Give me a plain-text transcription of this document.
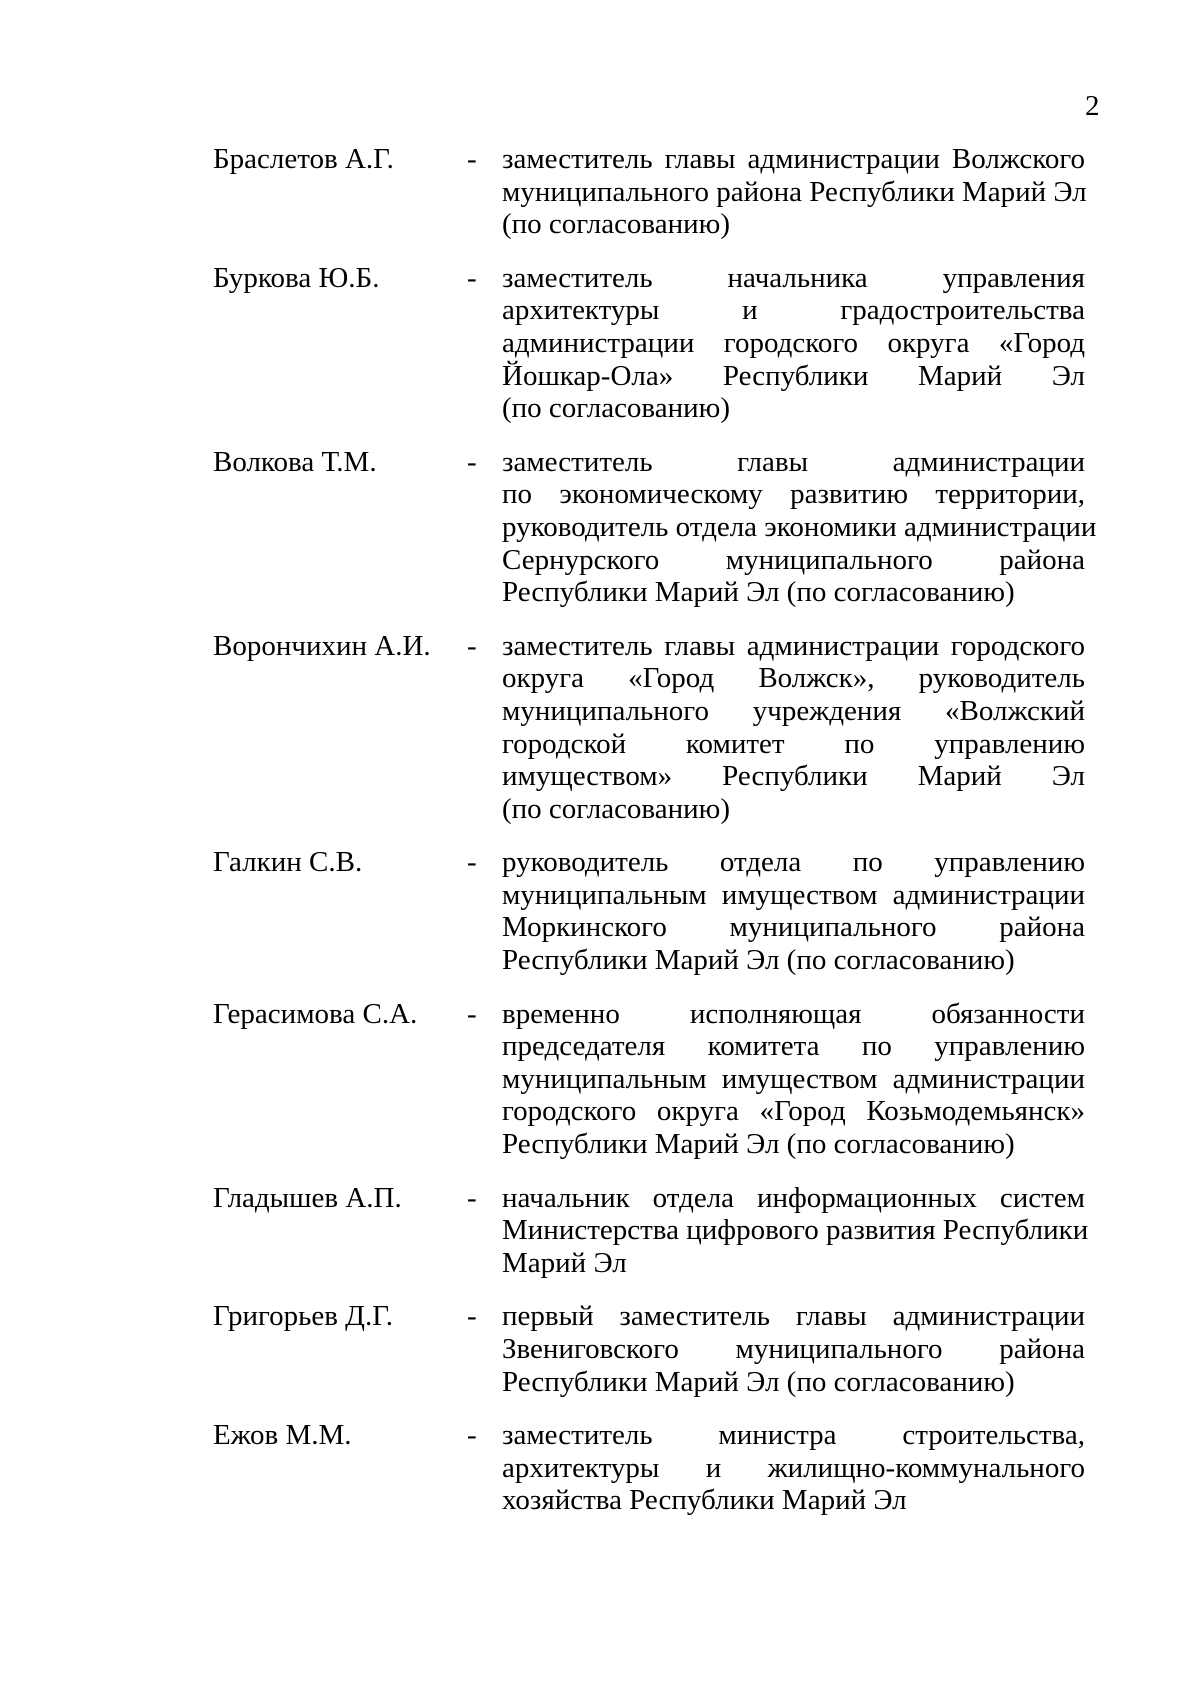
2
Браслетов А.Г.	- заместитель главы администрации Волжского
муниципального района Республики Марий Эл
(по согласованию)
Буркова Ю.Б.	- заместитель начальника управления
архитектуры и градостроительства
администрации городского округа «Город
Йошкар-Ола» Республики Марий Эл
(по согласованию)
Волкова Т.М.	- заместитель главы администрации
по экономическому развитию территории,
руководитель отдела экономики администрации
Сернурского муниципального района
Республики Марий Эл (по согласованию)
Ворончихин А.И. - заместитель главы администрации городского
округа «Город Волжск», руководитель
муниципального учреждения «Волжский
городской комитет по управлению
имуществом» Республики Марий Эл
(по согласованию)
Галкин С.В.	- руководитель отдела по управлению
муниципальным имуществом администрации
Моркинского муниципального района
Республики Марий Эл (по согласованию)
Герасимова С.А. - временно исполняющая обязанности
председателя комитета по управлению
муниципальным имуществом администрации
городского округа «Город Козьмодемьянск»
Республики Марий Эл (по согласованию)
Гладышев А.П. - начальник отдела информационных систем
Министерства цифрового развития Республики
Марий Эл
Григорьев Д.Г.	- первый заместитель главы администрации
Звениговского муниципального района
Республики Марий Эл (по согласованию)
Ежов М.М.	- заместитель министра строительства,
архитектуры и жилищно-коммунального
хозяйства Республики Марий Эл
